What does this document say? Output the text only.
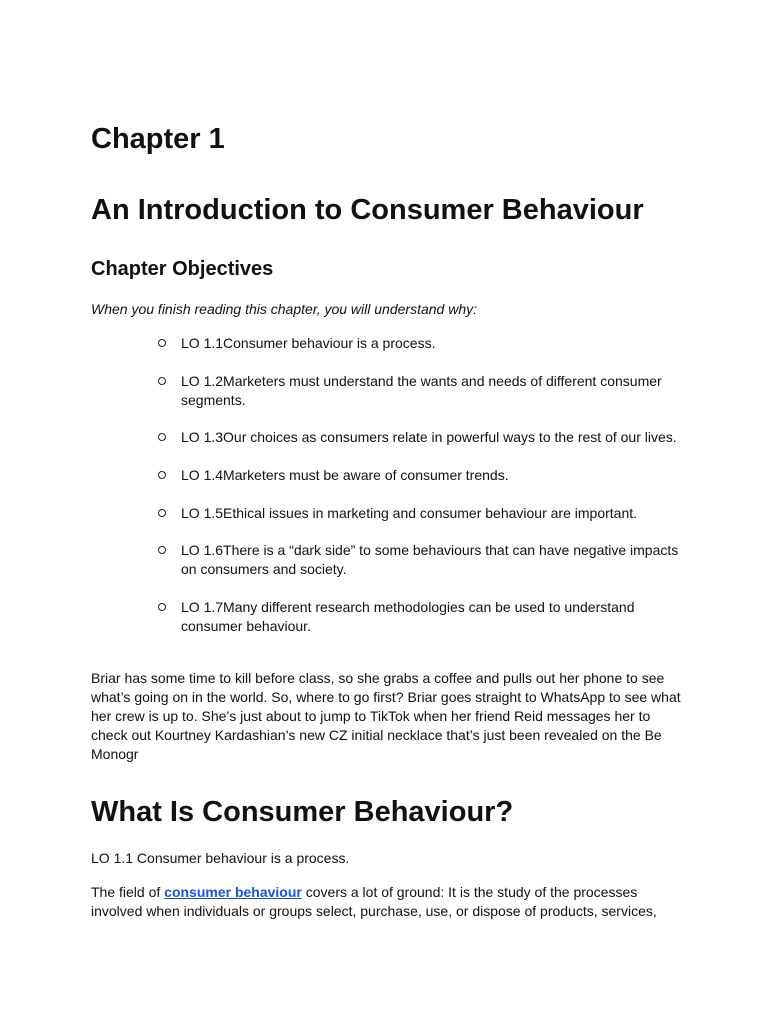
Chapter 1
An Introduction to Consumer Behaviour
Chapter Objectives

When you finish reading this chapter, you will understand why:

LO 1.1Consumer behaviour is a process.
LO 1.2Marketers must understand the wants and needs of different consumer segments.
LO 1.3Our choices as consumers relate in powerful ways to the rest of our lives.
LO 1.4Marketers must be aware of consumer trends.
LO 1.5Ethical issues in marketing and consumer behaviour are important.
LO 1.6There is a “dark side” to some behaviours that can have negative impacts on consumers and society.
LO 1.7Many different research methodologies can be used to understand consumer behaviour.

Briar has some time to kill before class, so she grabs a coffee and pulls out her phone to see what’s going on in the world. So, where to go first? Briar goes straight to WhatsApp to see what her crew is up to. She’s just about to jump to TikTok when her friend Reid messages her to check out Kourtney Kardashian’s new CZ initial necklace that’s just been revealed on the Be Monogr

What Is Consumer Behaviour?

LO 1.1 Consumer behaviour is a process.

The field of consumer behaviour covers a lot of ground: It is the study of the processes involved when individuals or groups select, purchase, use, or dispose of products, services,
